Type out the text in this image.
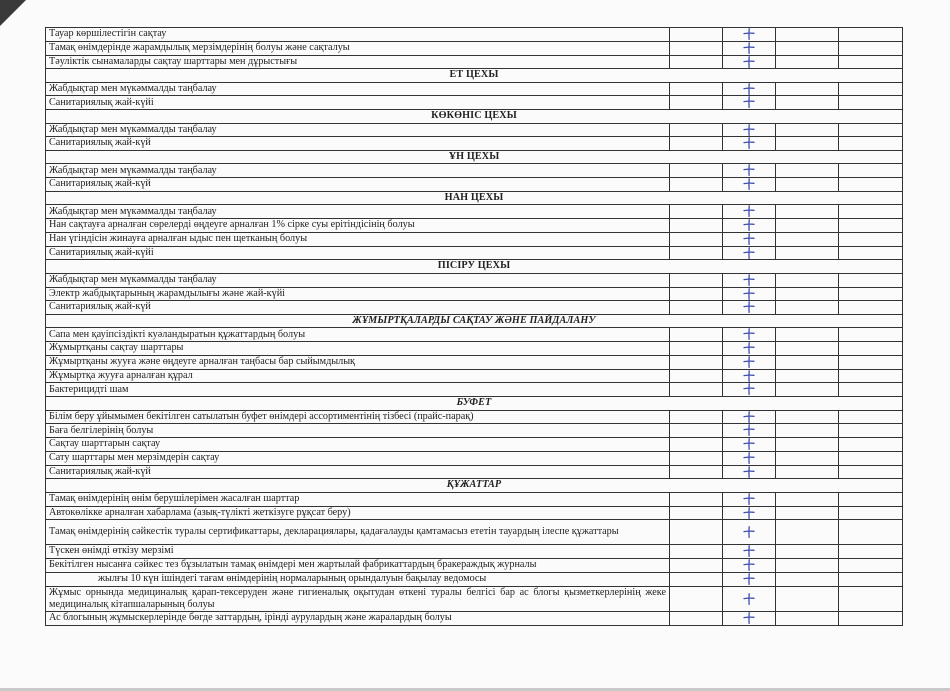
Тауар көршілестігін сақтау		

Тамақ өнімдерінде жарамдылық мерзімдерінің болуы және сақталуы		

Тәуліктік сынамаларды сақтау шарттары мен дұрыстығы		

ЕТ ЦЕХЫ				
Жабдықтар мен мүкәммалды таңбалау		

Санитариялық жай-күйі		

КӨКӨНІС ЦЕХЫ				
Жабдықтар мен мүкәммалды таңбалау		

Санитариялық жай-күй		

ҰН ЦЕХЫ				
Жабдықтар мен мүкәммалды таңбалау		

Санитариялық жай-күй		

НАН ЦЕХЫ				
Жабдықтар мен мүкәммалды таңбалау		

Нан сақтауға арналған сөрелерді өңдеуге арналған 1% сірке суы ерітіндісінің болуы		

Нан үгіндісін жинауға арналған ыдыс пен щетканың болуы		

Санитариялық жай-күйі		

ПІСІРУ ЦЕХЫ				
Жабдықтар мен мүкәммалды таңбалау		

Электр жабдықтарының жарамдылығы және жай-күйі		

Санитариялық жай-күй		

ЖҰМЫРТҚАЛАРДЫ САҚТАУ ЖӘНЕ ПАЙДАЛАНУ				
Сапа мен қауіпсіздікті куәландыратын құжаттардың болуы		

Жұмыртқаны сақтау шарттары		

Жұмыртқаны жууға және өңдеуге арналған таңбасы бар сыйымдылық		

Жұмыртқа жууға арналған құрал		

Бактерицидті шам		

БУФЕТ				
Білім беру ұйымымен бекітілген сатылатын буфет өнімдері ассортиментінің тізбесі (прайс-парақ)		

Баға белгілерінің болуы		

Сақтау шарттарын сақтау		

Сату шарттары мен мерзімдерін сақтау		

Санитариялық жай-күй		

ҚҰЖАТТАР				
Тамақ өнімдерінің өнім берушілерімен жасалған шарттар		

Автокөлікке арналған хабарлама (азық-түлікті жеткізуге рұқсат беру)		

Тамақ өнімдерінің сәйкестік туралы сертификаттары, декларациялары, қадағалауды қамтамасыз ететін тауардың ілеспе құжаттары		

Түскен өнімді өткізу мерзімі		

Бекітілген нысанға сәйкес тез бұзылатын тамақ өнімдері мен жартылай фабрикаттардың бракераждық журналы		

жылғы 10 күн ішіндегі тағам өнімдерінің нормаларының орындалуын бақылау ведомосы		

Жұмыс орнында медициналық қарап-тексеруден және гигиеналық оқытудан өткені туралы белгісі бар ас блогы қызметкерлерінің жеке медициналық кітапшаларының болуы		

Ас блогының жұмыскерлерінде бөгде заттардың, ірінді аурулардың және жаралардың болуы		
